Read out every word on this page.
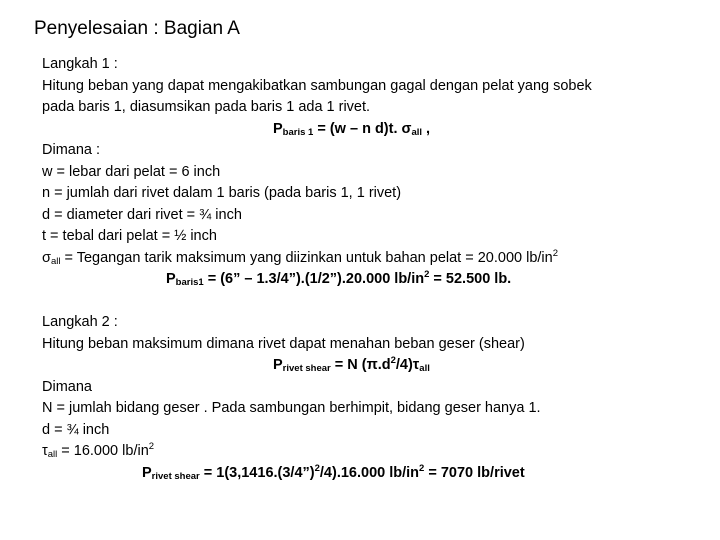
Penyelesaian : Bagian A
Langkah 1 :
Hitung beban yang dapat mengakibatkan sambungan gagal dengan pelat yang sobek
pada baris 1, diasumsikan pada baris 1 ada 1 rivet.
$P_{baris 1} = (w - n$ d)t. $\sigma_{all}$ ,
Dimana :
w = lebar dari pelat = 6 inch
n = jumlah dari rivet dalam 1 baris (pada baris 1, 1 rivet)
d = diameter dari rivet = ¾ inch
t = tebal dari pelat = ½ inch
$\sigma_{all}$ = Tegangan tarik maksimum yang diizinkan untuk bahan pelat = 20.000 $lb/in^2$
$P_{baris1} = (6$” – 1.3/4”).(1/2”).20.000 $lb/in^2 = 52.500$ lb.
Langkah 2 :
Hitung beban maksimum dimana rivet dapat menahan beban geser (shear)
$P_{rivet shear} = N$ $(\pi.d^2/4)\tau_{all}$
Dimana
N = jumlah bidang geser . Pada sambungan berhimpit, bidang geser hanya 1.
d = ¾ inch
$\tau_{all} = 16.000$ $lb/in^2$
$P_{rivet shear}$ = 1(3,1416.(3/4”)$^2$/4).16.000 $lb/in^2 = 7070$ lb/rivet
